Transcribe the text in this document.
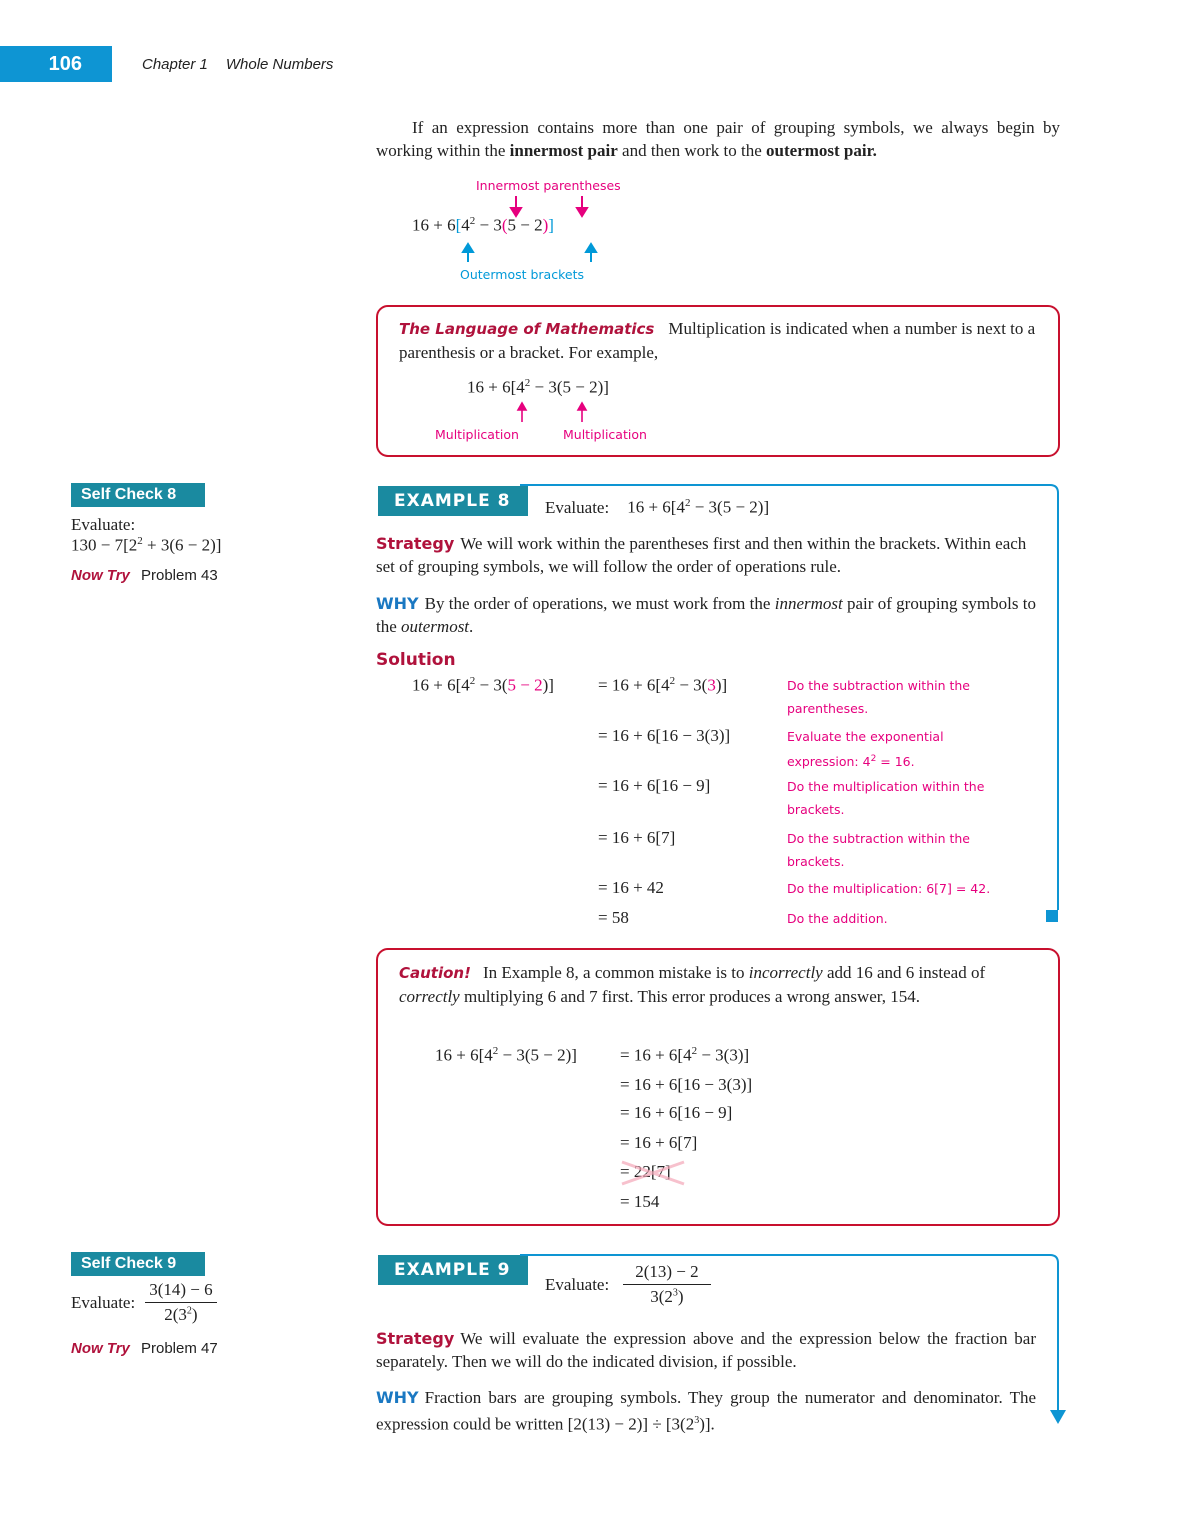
106	Chapter 1 Whole Numbers
If an expression contains more than one pair of grouping symbols, we always begin by working within the innermost pair and then work to the outermost pair.
Innermost parentheses
$16 + 6[4^2 - 3(5 - 2)]$
Outermost brackets
The Language of Mathematics Multiplication is indicated when a number is next to a parenthesis or a bracket. For example,
$16 + 6[4^2 - 3(5 - 2)]$
Multiplication	Multiplication
Self Check 8
Evaluate:
$130 - 7[2^2 + 3(6 - 2)]$
Now Try Problem 43
EXAMPLE 8	Evaluate: $16 + 6[4^2 - 3(5 - 2)]$
Strategy We will work within the parentheses first and then within the brackets. Within each set of grouping symbols, we will follow the order of operations rule.
WHY By the order of operations, we must work from the innermost pair of grouping symbols to the outermost.
Solution
$16 + 6[4^2 - 3(5 - 2)]$	= $16 + 6[4^2 - 3(3)]$	Do the subtraction within the
parentheses.
= 16 + 6[16 − 3(3)]	Evaluate the exponential
expression: $4^2 = 16$.
= 16 + 6[16 − 9]	Do the multiplication within the
brackets.
= 16 + 6[7]	Do the subtraction within the
brackets.
= 16 + 42	Do the multiplication: 6[7] = 42.
= 58	Do the addition.
Caution! In Example 8, a common mistake is to incorrectly add 16 and 6 instead of correctly multiplying 6 and 7 first. This error produces a wrong answer, 154.
$16 + 6[4^2 - 3(5 - 2)]$	= $16 + 6[4^2 - 3(3)]$
= 16 + 6[16 − 3(3)]
= 16 + 6[16 − 9]
= 16 + 6[7]
= 22[7]
= 154
Self Check 9
Evaluate: $\frac{3(14) - 6}{2(3^2)}$
Now Try Problem 47
EXAMPLE 9
Evaluate: $\frac{2(13) - 2}{3(2^3)}$
Strategy We will evaluate the expression above and the expression below the fraction bar separately. Then we will do the indicated division, if possible.
WHY Fraction bars are grouping symbols. They group the numerator and denominator. The expression could be written $[2(13) - 2)] \div [3(2^3)]$.
